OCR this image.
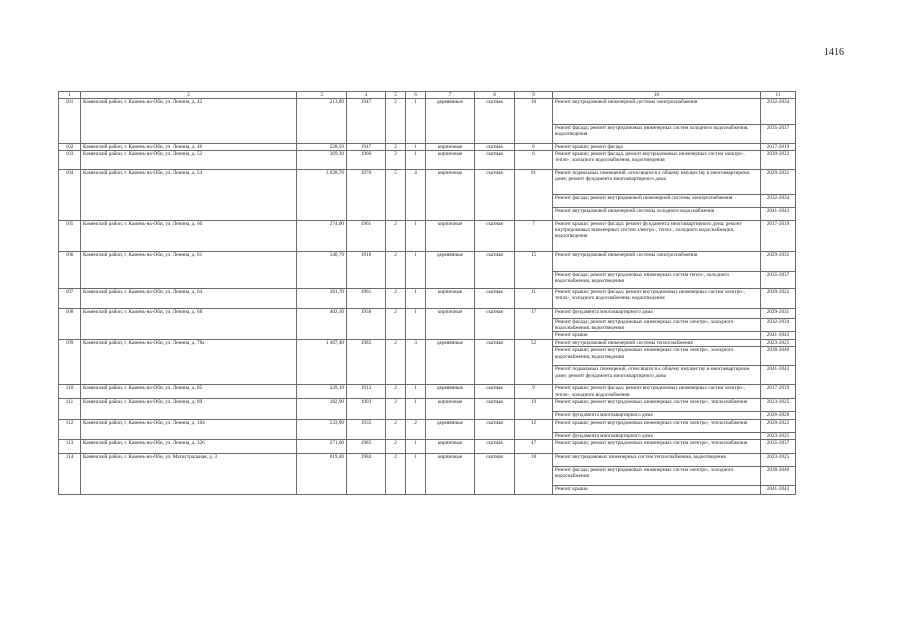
1416
1	2	3	4	5	6	7	8	9	10	11
101	Каменский район, г. Камень-на-Оби, ул. Ленина, д. 42	213,80	1947	2	1	деревянные	скатная	10	Ремонт внутридомовой инженерной системы электроснабжения	2032-2034
									Ремонт фасада; ремонт внутридомовых инженерных систем холодного водоснабжения, водоотведения	2035-2037
102	Каменский район, г. Камень-на-Оби, ул. Ленина, д. 46	228,50	1947	2	1	кирпичные	скатная	6	Ремонт крыши; ремонт фасада	2017-2019
103	Каменский район, г. Камень-на-Оби, ул. Ленина, д. 52	369,30	1960	2	1	кирпичные	скатная	6	Ремонт крыши; ремонт фасада, ремонт внутридомовых инженерных систем электро-, тепло-, холодного водоснабжения, водоотведения	2020-2022
104	Каменский район, г. Камень-на-Оби, ул. Ленина, д. 54	3 028,70	1970	5	4	кирпичные	скатная	91	Ремонт подвальных помещений, относящихся к общему имуществу в многоквартирном доме; ремонт фундамента многоквартирного дома	2029-2031
									Ремонт фасада; ремонт внутридомовой инженерной системы электроснабжения	2032-2034
									Ремонт внутридомовой инженерной системы холодного водоснабжения	2041-2043
105	Каменский район, г. Камень-на-Оби, ул. Ленина, д. 60	274,00	1961	2	1	кирпичные	скатная	7	Ремонт крыши; ремонт фасада; ремонт фундамента многоквартирного дома; ремонт внутридомовых инженерных систем электро-, тепло-, холодного водоснабжения, водоотведения	2017-2019
106	Каменский район, г. Камень-на-Оби, ул. Ленина, д. 61	340,70	1918	2	1	деревянные	скатная	15	Ремонт внутридомовой инженерной системы электроснабжения	2029-2031
									Ремонт фасада; ремонт внутридомовых инженерных систем тепло-, холодного водоснабжения, водоотведения	2035-2037
107	Каменский район, г. Камень-на-Оби, ул. Ленина, д. 64	381,70	1961	2	1	кирпичные	скатная	11	Ремонт крыши; ремонт фасада; ремонт внутридомовых инженерных систем электро-, тепло-, холодного водоснабжения, водоотведения	2020-2022
108	Каменский район, г. Камень-на-Оби, ул. Ленина, д. 68	402,30	1958	2	1	кирпичные	скатная	17	Ремонт фундамента многоквартирного дома	2029-2031
									Ремонт фасада; ремонт внутридомовых инженерных систем электро-, холодного водоснабжения, водоотведения	2032-2034
									Ремонт крыши	2041-2043
109	Каменский район, г. Камень-на-Оби, ул. Ленина, д. 78а	1 467,40	1985	2	3	деревянные	скатная	52	Ремонт внутридомовой инженерной системы теплоснабжения	2023-2025
									Ремонт крыши; ремонт внутридомовых инженерных систем электро-, холодного водоснабжения, водоотведения	2038-2040
									Ремонт подвальных помещений, относящихся к общему имуществу в многоквартирном доме; ремонт фундамента многоквартирного дома	2041-2043
110	Каменский район, г. Камень-на-Оби, ул. Ленина, д. 85	229,10	1913	2	1	деревянные	скатная	9	Ремонт крыши; ремонт фасада; ремонт внутридомовых инженерных систем электро-, тепло-, холодного водоснабжения	2017-2019
111	Каменский район, г. Камень-на-Оби, ул. Ленина, д. 89	182,90	1903	2	1	кирпичные	скатная	19	Ремонт крыши; ремонт внутридомовых инженерных систем электро-, теплоснабжения	2023-2025
									Ремонт фундамента многоквартирного дома	2026-2028
112	Каменский район, г. Камень-на-Оби, ул. Ленина, д. 104	533,90	1935	2	2	деревянные	скатная	12	Ремонт крыши; ремонт внутридомовых инженерных систем электро-, теплоснабжения	2020-2022
									Ремонт фундамента многоквартирного дома	2023-2025
113	Каменский район, г. Камень-на-Оби, ул. Ленина, д. 326	271,60	1985	2	1	кирпичные	скатная	47	Ремонт крыши; ремонт внутридомовых инженерных систем электро-, теплоснабжения	2035-2037
114	Каменский район, г. Камень-на-Оби, ул. Магистральная, д. 3	819,40	1984	2	1	кирпичные	скатная	18	Ремонт внутридомовых инженерных систем теплоснабжения, водоотведения	2023-2025
									Ремонт фасада; ремонт внутридомовых инженерных систем электро-, холодного водоснабжения	2038-2040
									Ремонт крыши	2041-2043
